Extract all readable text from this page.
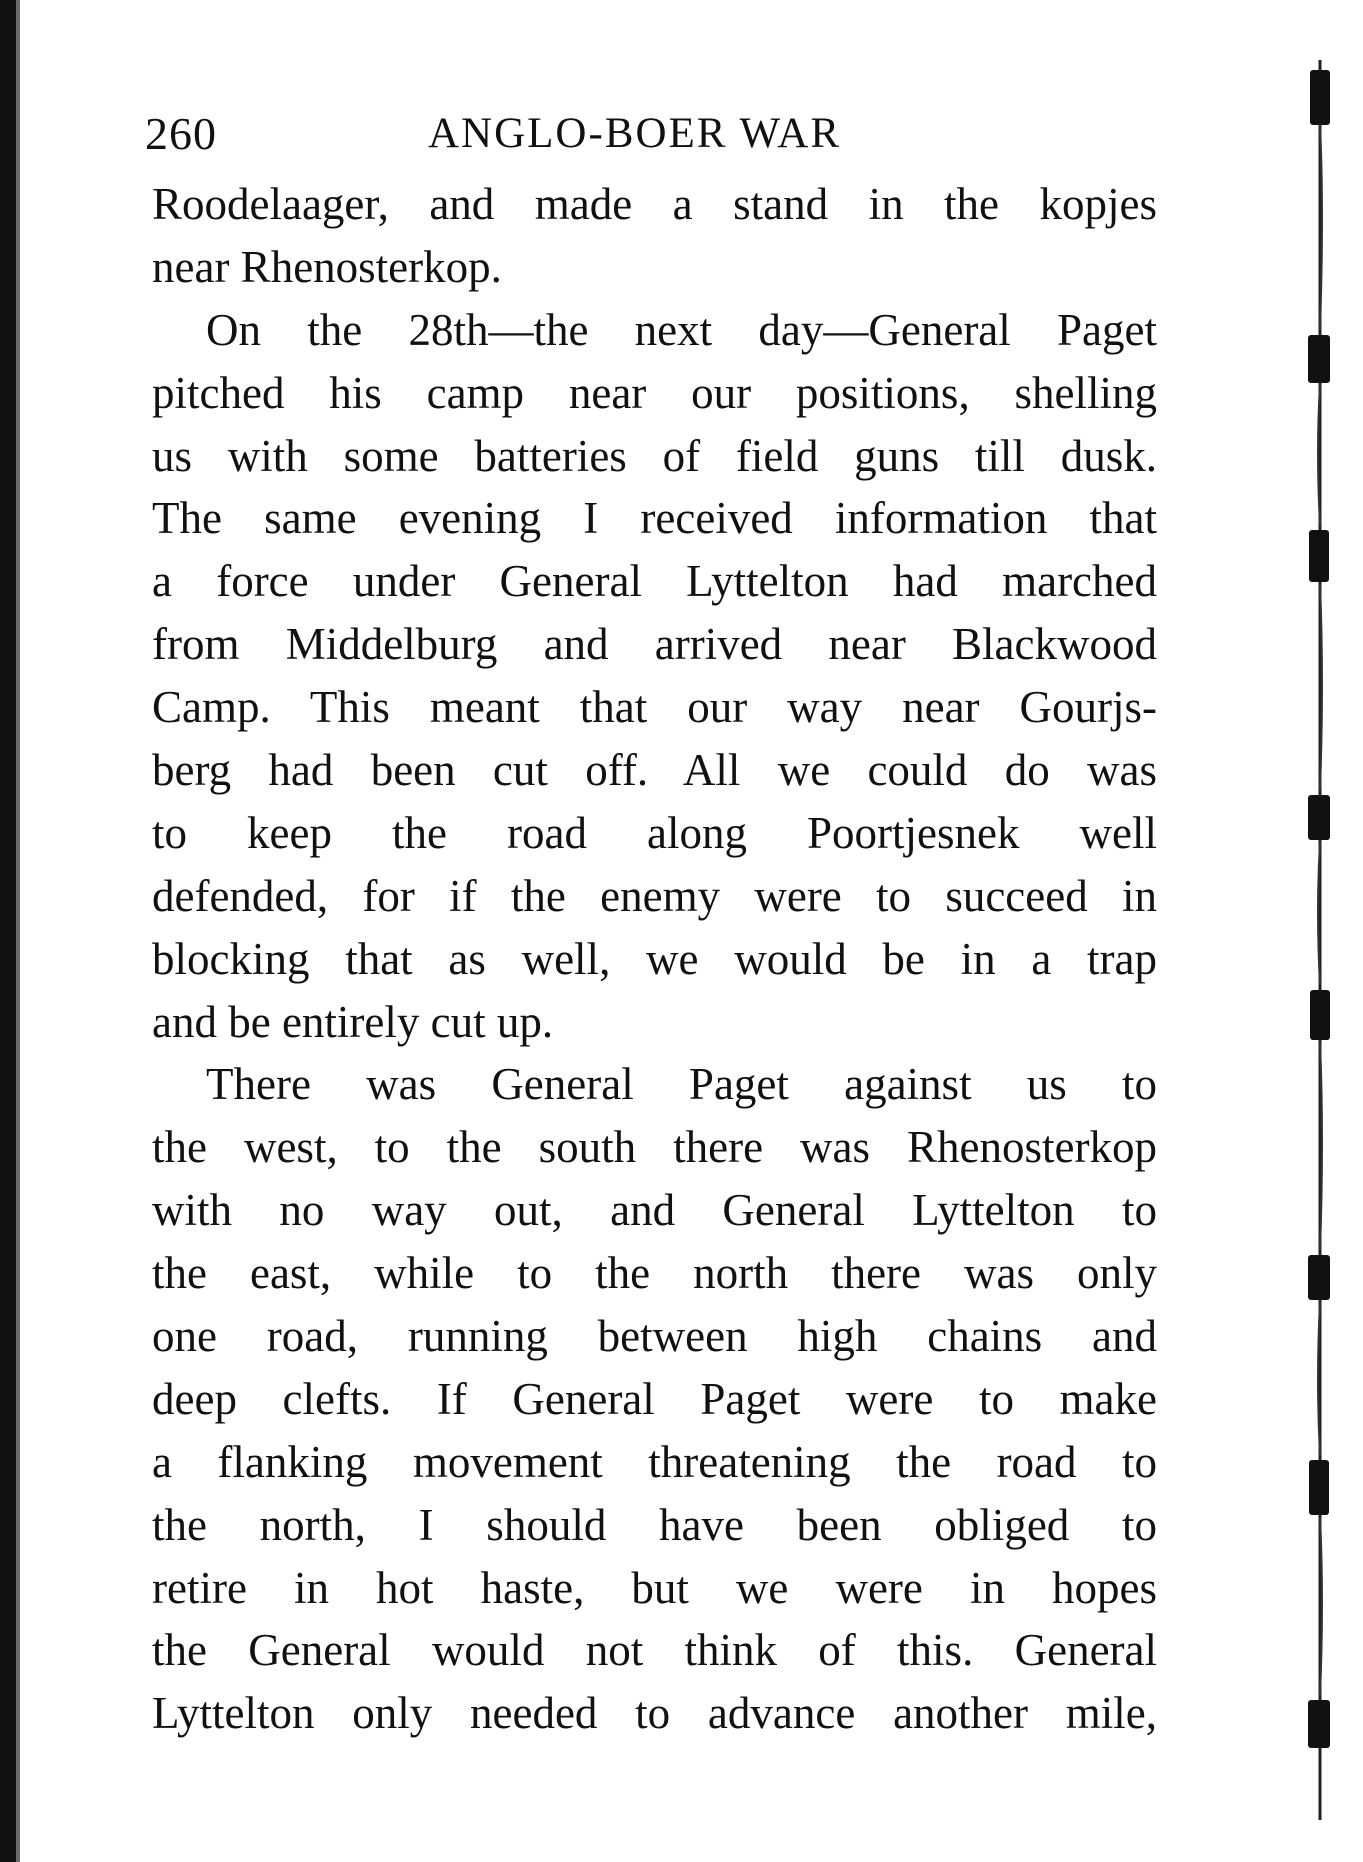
260	ANGLO-BOER WAR
Roodelaager, and made a stand in the kopjes
near Rhenosterkop.
On the 28th—the next day—General Paget
pitched his camp near our positions, shelling
us with some batteries of field guns till dusk.
The same evening I received information that
a force under General Lyttelton had marched
from Middelburg and arrived near Blackwood
Camp. This meant that our way near Gourjs-
berg had been cut off. All we could do was
to keep the road along Poortjesnek well
defended, for if the enemy were to succeed in
blocking that as well, we would be in a trap
and be entirely cut up.
There was General Paget against us to
the west, to the south there was Rhenosterkop
with no way out, and General Lyttelton to
the east, while to the north there was only
one road, running between high chains and
deep clefts. If General Paget were to make
a flanking movement threatening the road to
the north, I should have been obliged to
retire in hot haste, but we were in hopes
the General would not think of this. General
Lyttelton only needed to advance another mile,
